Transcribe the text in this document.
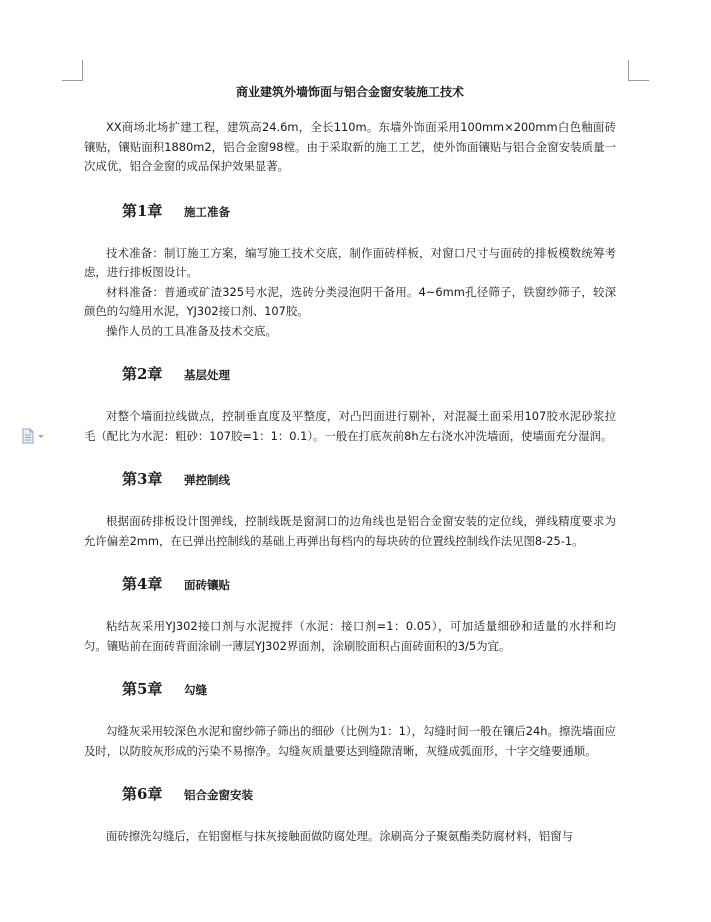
商业建筑外墙饰面与铝合金窗安装施工技术

XX商场北场扩建工程，建筑高24.6m，全长110m。东墙外饰面采用100mm×200mm白色釉面砖镶贴，镶贴面积1880m2，铝合金窗98樘。由于采取新的施工工艺，使外饰面镶贴与铝合金窗安装质量一次成优，铝合金窗的成品保护效果显著。

第1章	施工准备

技术准备：制订施工方案，编写施工技术交底，制作面砖样板，对窗口尺寸与面砖的排板模数统筹考虑，进行排板图设计。

材料准备：普通或矿渣325号水泥，选砖分类浸泡阴干备用。4~6mm孔径筛子，铁窗纱筛子，较深颜色的勾缝用水泥，YJ302接口剂、107胶。

操作人员的工具准备及技术交底。

第2章	基层处理

对整个墙面拉线做点，控制垂直度及平整度，对凸凹面进行剔补，对混凝土面采用107胶水泥砂浆拉毛（配比为水泥：粗砂：107胶=1：1：0.1）。一般在打底灰前8h左右浇水冲洗墙面，使墙面充分湿润。

第3章	弹控制线

根据面砖排板设计图弹线，控制线既是窗洞口的边角线也是铝合金窗安装的定位线，弹线精度要求为允许偏差2mm，在已弹出控制线的基础上再弹出每档内的每块砖的位置线控制线作法见图8-25-1。

第4章	面砖镶贴

粘结灰采用YJ302接口剂与水泥搅拌（水泥：接口剂=1：0.05），可加适量细砂和适量的水拌和均匀。镶贴前在面砖背面涂刷一薄层YJ302界面剂，涂刷胶面积占面砖面积的3/5为宜。

第5章	勾缝

勾缝灰采用较深色水泥和窗纱筛子筛出的细砂（比例为1：1），勾缝时间一般在镶后24h。擦洗墙面应及时，以防胶灰形成的污染不易擦净。勾缝灰质量要达到缝隙清晰，灰缝成弧面形，十字交缝要通顺。

第6章	铝合金窗安装

面砖擦洗勾缝后，在铝窗框与抹灰接触面做防腐处理。涂刷高分子聚氨酯类防腐材料，铝窗与
